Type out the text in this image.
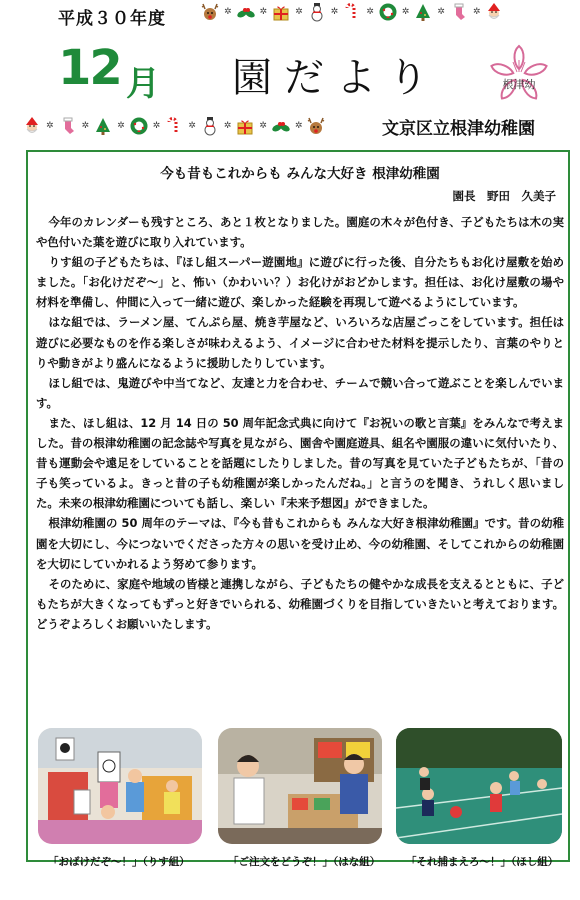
平成３０年度	✲	✲	✲	✲	✲	✲	✲	✲
12 月 園だより	根津幼
✲	✲	✲	✲	✲	✲	✲	✲	文京区立根津幼稚園
今も昔もこれからも みんな大好き 根津幼稚園
園長　野田　久美子

今年のカレンダーも残すところ、あと１枚となりました。園庭の木々が色付き、子どもたちは木の実や色付いた葉を遊びに取り入れています。

りす組の子どもたちは、『ほし組スーパー遊園地』に遊びに行った後、自分たちもお化け屋敷を始めました。「お化けだぞ～」と、怖い（かわいい？）お化けがおどかします。担任は、お化け屋敷の場や材料を準備し、仲間に入って一緒に遊び、楽しかった経験を再現して遊べるようにしています。

はな組では、ラーメン屋、てんぷら屋、焼き芋屋など、いろいろな店屋ごっこをしています。担任は遊びに必要なものを作る楽しさが味わえるよう、イメージに合わせた材料を提示したり、言葉のやりとりや動きがより盛んになるように援助したりしています。

ほし組では、鬼遊びや中当てなど、友達と力を合わせ、チームで競い合って遊ぶことを楽しんでいます。

また、ほし組は、12 月 14 日の 50 周年記念式典に向けて『お祝いの歌と言葉』をみんなで考えました。昔の根津幼稚園の記念誌や写真を見ながら、園舎や園庭遊具、組名や園服の違いに気付いたり、昔も運動会や遠足をしていることを話題にしたりしました。昔の写真を見ていた子どもたちが、「昔の子も笑っているよ。きっと昔の子も幼稚園が楽しかったんだね。」と言うのを聞き、うれしく思いました。未来の根津幼稚園についても話し、楽しい『未来予想図』ができました。

根津幼稚園の 50 周年のテーマは、『今も昔もこれからも みんな大好き根津幼稚園』です。昔の幼稚園を大切にし、今につないでくださった方々の思いを受け止め、今の幼稚園、そしてこれからの幼稚園を大切にしていかれるよう努めて参ります。

そのために、家庭や地域の皆様と連携しながら、子どもたちの健やかな成長を支えるとともに、子どもたちが大きくなってもずっと好きでいられる、幼稚園づくりを目指していきたいと考えております。どうぞよろしくお願いいたします。

「おばけだぞ～！」（りす組）	「ご注文をどうぞ！」（はな組） 「それ捕まえろ～！」（ほし組）
